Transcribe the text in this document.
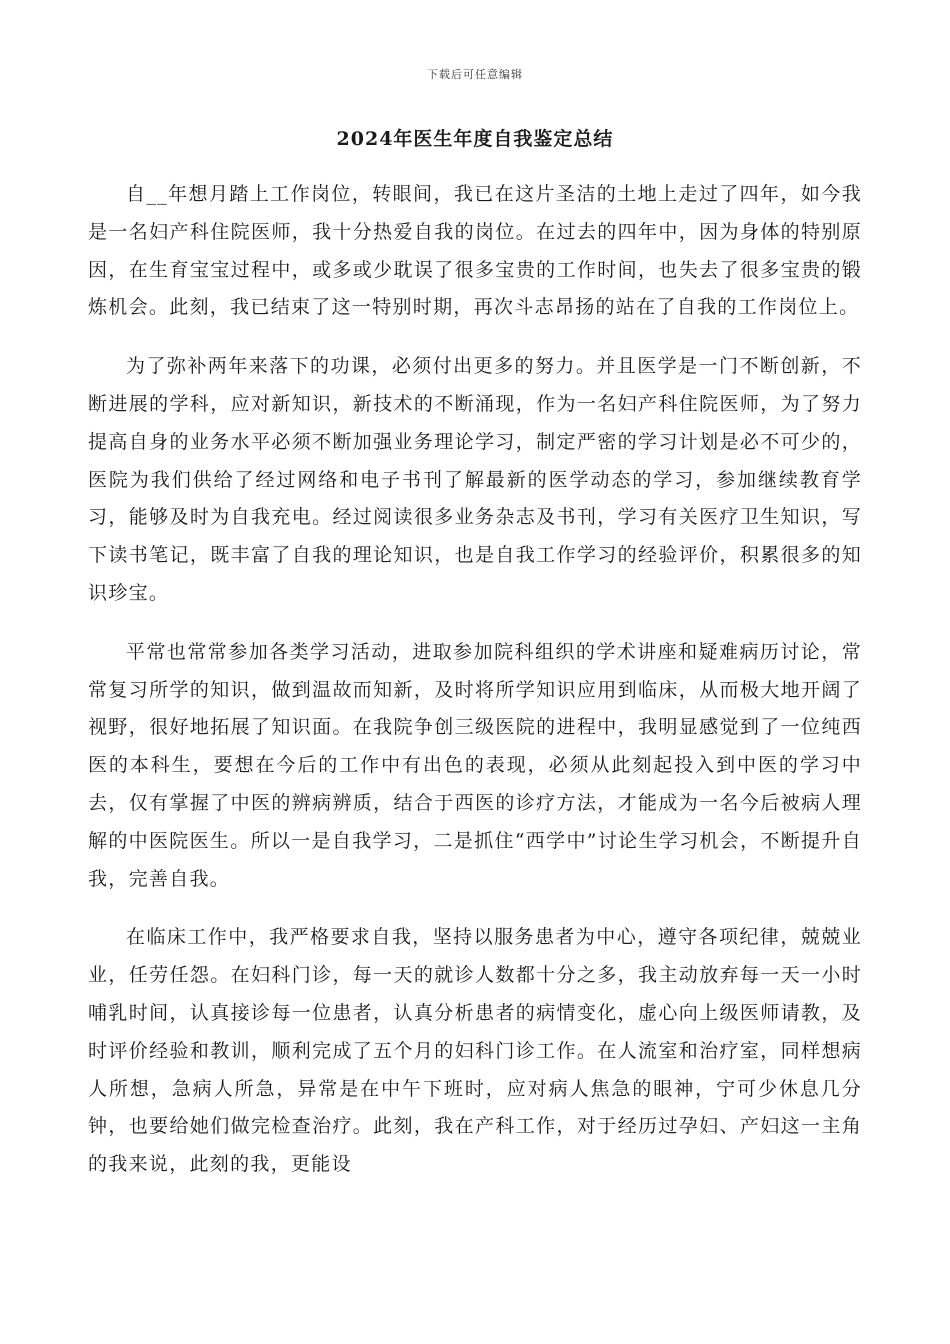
下载后可任意编辑
2024年医生年度自我鉴定总结

自__年想月踏上工作岗位，转眼间，我已在这片圣洁的土地上走过了四年，如今我是一名妇产科住院医师，我十分热爱自我的岗位。在过去的四年中，因为身体的特别原因，在生育宝宝过程中，或多或少耽误了很多宝贵的工作时间，也失去了很多宝贵的锻炼机会。此刻，我已结束了这一特别时期，再次斗志昂扬的站在了自我的工作岗位上。

为了弥补两年来落下的功课，必须付出更多的努力。并且医学是一门不断创新，不断进展的学科，应对新知识，新技术的不断涌现，作为一名妇产科住院医师，为了努力提高自身的业务水平必须不断加强业务理论学习，制定严密的学习计划是必不可少的，医院为我们供给了经过网络和电子书刊了解最新的医学动态的学习，参加继续教育学习，能够及时为自我充电。经过阅读很多业务杂志及书刊，学习有关医疗卫生知识，写下读书笔记，既丰富了自我的理论知识，也是自我工作学习的经验评价，积累很多的知识珍宝。

平常也常常参加各类学习活动，进取参加院科组织的学术讲座和疑难病历讨论，常常复习所学的知识，做到温故而知新，及时将所学知识应用到临床，从而极大地开阔了视野，很好地拓展了知识面。在我院争创三级医院的进程中，我明显感觉到了一位纯西医的本科生，要想在今后的工作中有出色的表现，必须从此刻起投入到中医的学习中去，仅有掌握了中医的辨病辨质，结合于西医的诊疗方法，才能成为一名今后被病人理解的中医院医生。所以一是自我学习，二是抓住“西学中”讨论生学习机会，不断提升自我，完善自我。

在临床工作中，我严格要求自我，坚持以服务患者为中心，遵守各项纪律，兢兢业业，任劳任怨。在妇科门诊，每一天的就诊人数都十分之多，我主动放弃每一天一小时哺乳时间，认真接诊每一位患者，认真分析患者的病情变化，虚心向上级医师请教，及时评价经验和教训，顺利完成了五个月的妇科门诊工作。在人流室和治疗室，同样想病人所想，急病人所急，异常是在中午下班时，应对病人焦急的眼神，宁可少休息几分钟，也要给她们做完检查治疗。此刻，我在产科工作，对于经历过孕妇、产妇这一主角的我来说，此刻的我，更能设
